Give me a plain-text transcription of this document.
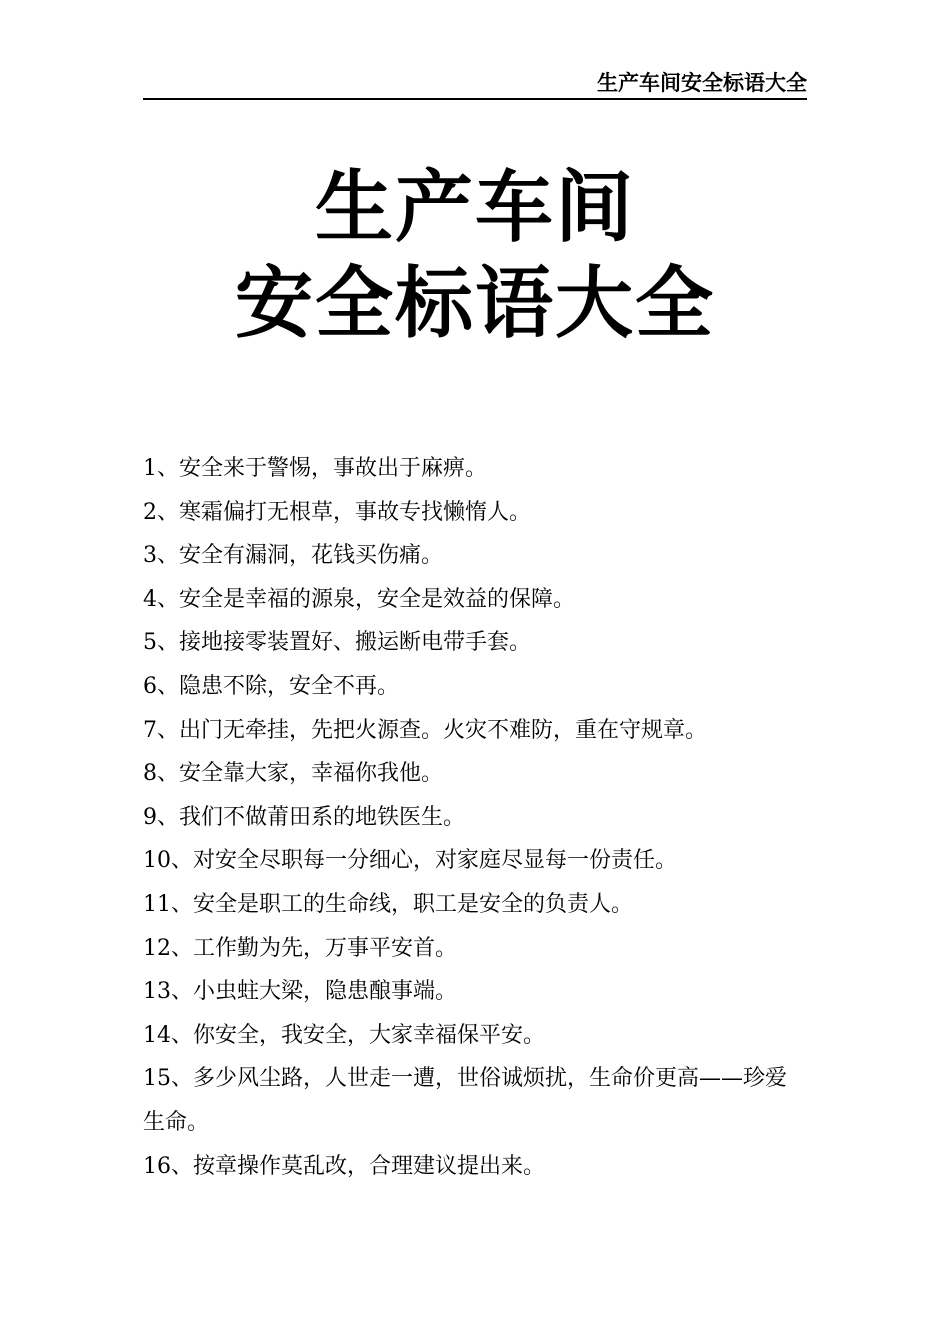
生产车间安全标语大全
生产车间
安全标语大全
1、安全来于警惕，事故出于麻痹。
2、寒霜偏打无根草，事故专找懒惰人。
3、安全有漏洞，花钱买伤痛。
4、安全是幸福的源泉，安全是效益的保障。
5、接地接零装置好、搬运断电带手套。
6、隐患不除，安全不再。
7、出门无牵挂，先把火源查。火灾不难防，重在守规章。
8、安全靠大家，幸福你我他。
9、我们不做莆田系的地铁医生。
10、对安全尽职每一分细心，对家庭尽显每一份责任。
11、安全是职工的生命线，职工是安全的负责人。
12、工作勤为先，万事平安首。
13、小虫蛀大梁，隐患酿事端。
14、你安全，我安全，大家幸福保平安。
15、多少风尘路，人世走一遭，世俗诚烦扰，生命价更高——珍爱生命。
16、按章操作莫乱改，合理建议提出来。
